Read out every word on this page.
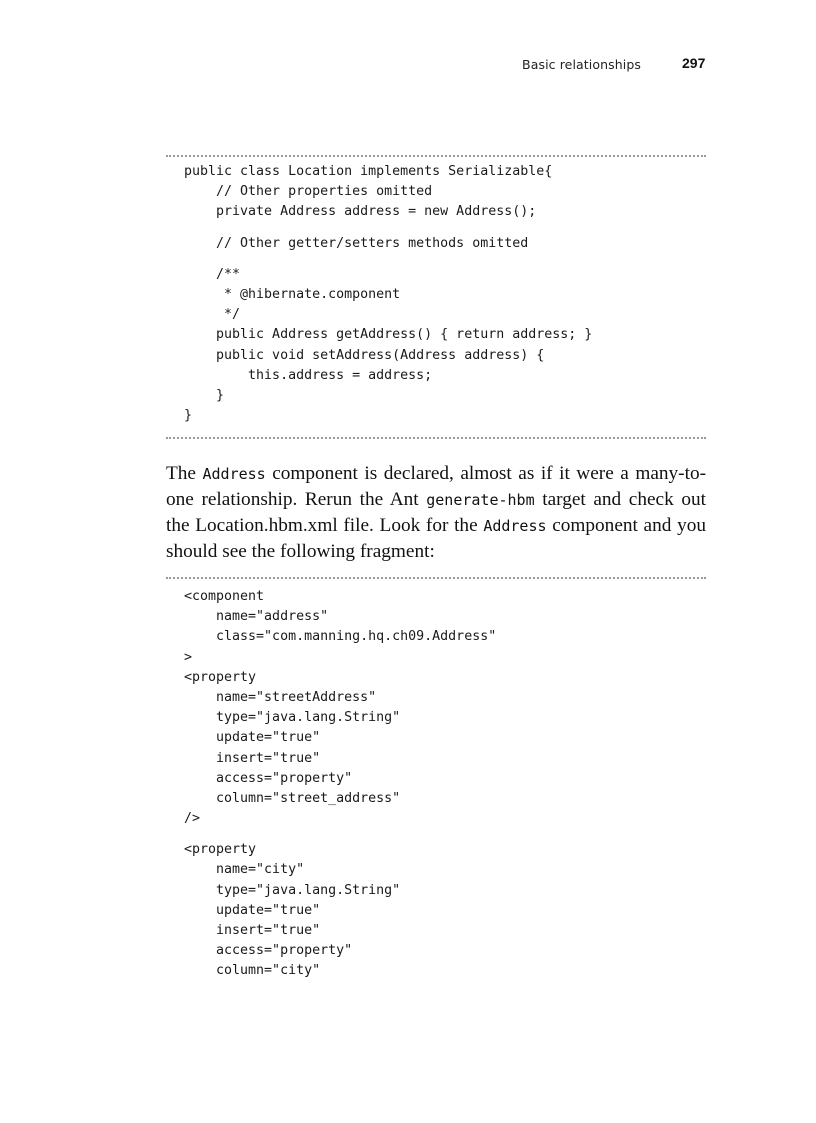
Basic relationships	297
public class Location implements Serializable{
// Other properties omitted
private Address address = new Address();
// Other getter/setters methods omitted
/**
* @hibernate.component
*/
public Address getAddress() { return address; }
public void setAddress(Address address) {
this.address = address;
}
}

The Address component is declared, almost as if it were a many-to-one relationship. Rerun the Ant generate-hbm target and check out the Location.hbm.xml file. Look for the Address component and you should see the following fragment:

<component
name="address"
class="com.manning.hq.ch09.Address"
>
<property
name="streetAddress"
type="java.lang.String"
update="true"
insert="true"
access="property"
column="street_address"
/>
<property
name="city"
type="java.lang.String"
update="true"
insert="true"
access="property"
column="city"
